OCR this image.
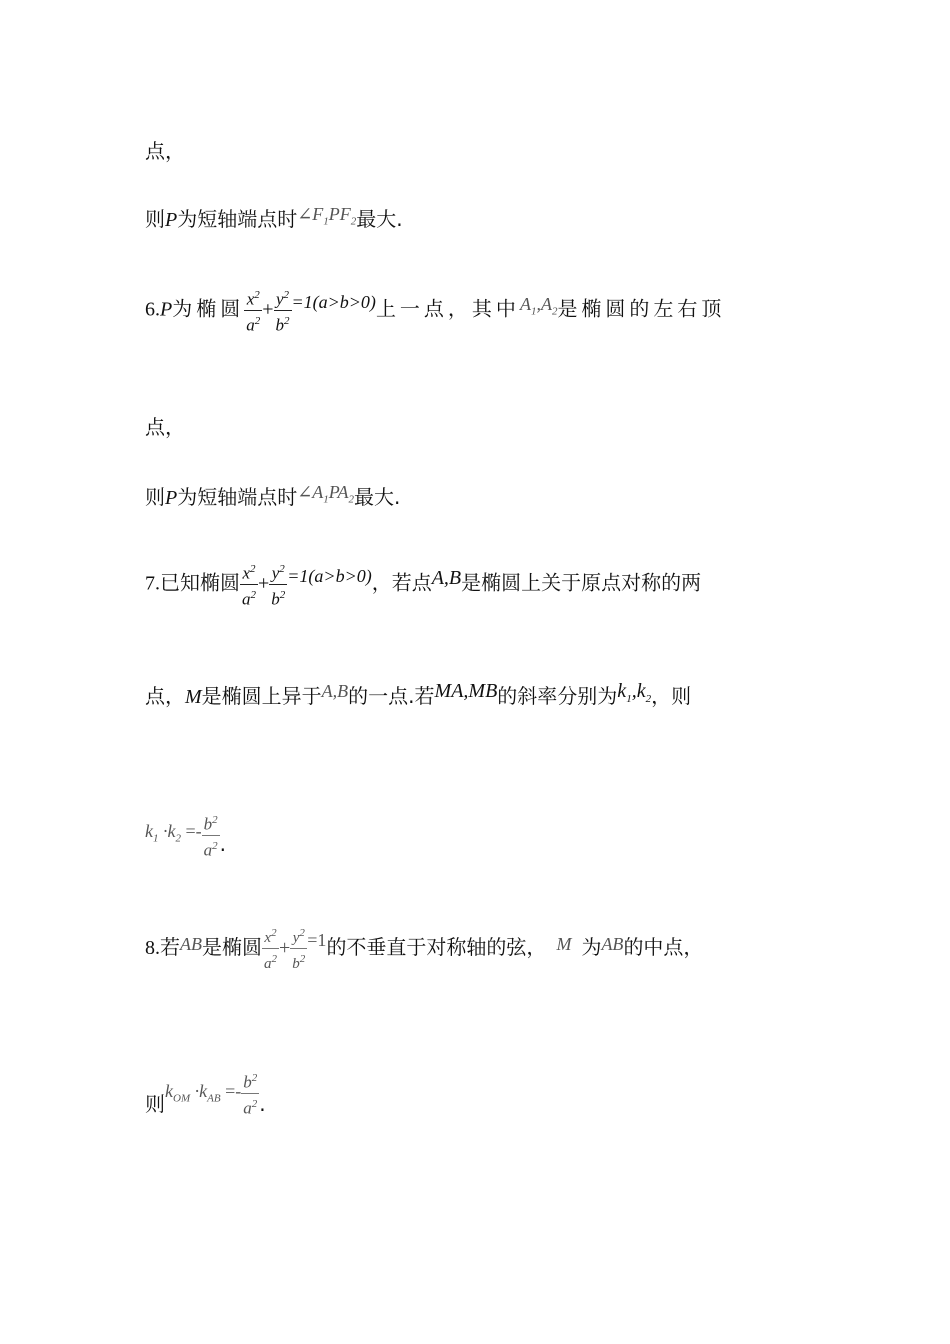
点，
则P为短轴端点时$\angle F_1PF_2$最大.
6.P为椭圆 $\frac{x^2}{a^2} + \frac{y^2}{b^2} =1(a>b>0)$上一点，其中$A_1,A_2$是椭圆的左右顶
点，
则P为短轴端点时$\angle A_1PA_2$最大.
7.已知椭圆 $\frac{x^2}{a^2} + \frac{y^2}{b^2} =1(a>b>0)$，若点A,B是椭圆上关于原点对称的两
点，M是椭圆上异于A,B的一点.若MA,MB的斜率分别为$k_1,k_2$，则
$k_1 \cdot k_2 =- \frac{b^2}{a^2}$ .
8.若AB是椭圆 $\frac{x^2}{a^2} + \frac{y^2}{b^2} =1$的不垂直于对称轴的弦， M 为AB的中点，
则$k_{OM} \cdot k_{AB} =- \frac{b^2}{a^2}$ .
